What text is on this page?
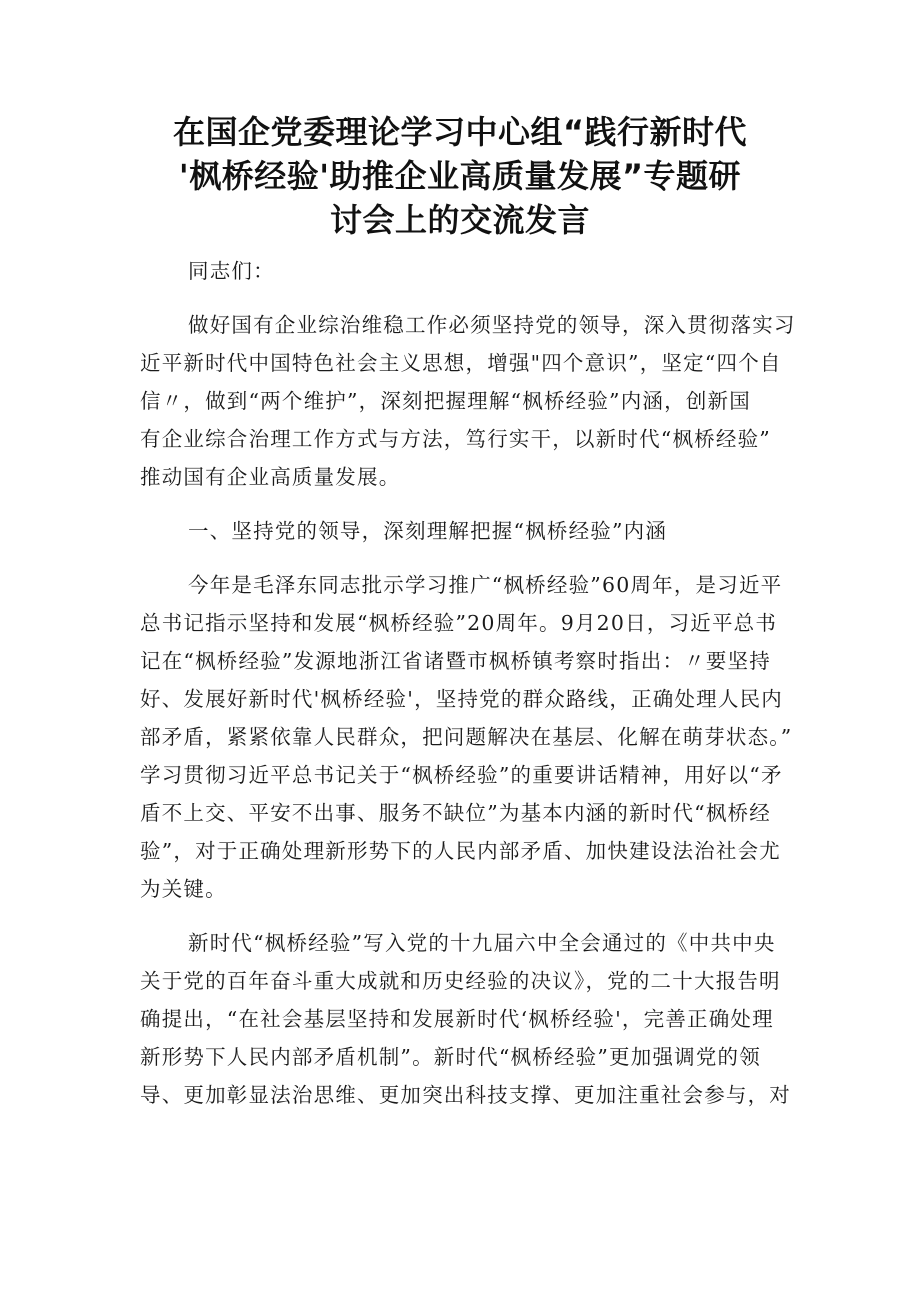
在国企党委理论学习中心组“践行新时代
'枫桥经验'助推企业高质量发展”专题研
讨会上的交流发言
同志们：
做好国有企业综治维稳工作必须坚持党的领导，深入贯彻落实习
近平新时代中国特色社会主义思想，增强"四个意识”，坚定“四个自
信〃，做到“两个维护”，深刻把握理解“枫桥经验”内涵，创新国
有企业综合治理工作方式与方法，笃行实干，以新时代“枫桥经验”
推动国有企业高质量发展。
一、坚持党的领导，深刻理解把握“枫桥经验”内涵
今年是毛泽东同志批示学习推广“枫桥经验”60周年，是习近平
总书记指示坚持和发展“枫桥经验”20周年。9月20日，习近平总书
记在“枫桥经验”发源地浙江省诸暨市枫桥镇考察时指出：〃要坚持
好、发展好新时代'枫桥经验'，坚持党的群众路线，正确处理人民内
部矛盾，紧紧依靠人民群众，把问题解决在基层、化解在萌芽状态。”
学习贯彻习近平总书记关于“枫桥经验”的重要讲话精神，用好以“矛
盾不上交、平安不出事、服务不缺位”为基本内涵的新时代“枫桥经
验”，对于正确处理新形势下的人民内部矛盾、加快建设法治社会尤
为关键。
新时代“枫桥经验”写入党的十九届六中全会通过的《中共中央
关于党的百年奋斗重大成就和历史经验的决议》，党的二十大报告明
确提出，“在社会基层坚持和发展新时代‘枫桥经验'，完善正确处理
新形势下人民内部矛盾机制”。新时代“枫桥经验”更加强调党的领
导、更加彰显法治思维、更加突出科技支撑、更加注重社会参与，对
